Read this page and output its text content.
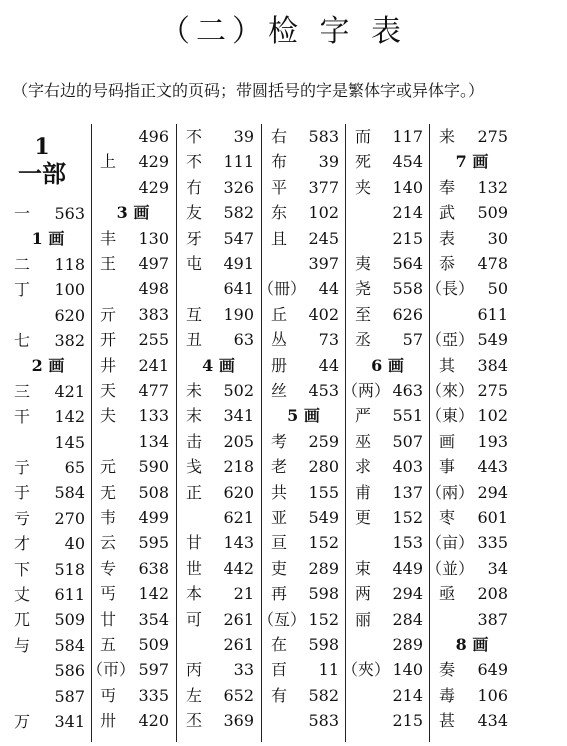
（二）检 字 表
（字右边的号码指正文的页码；带圆括号的字是繁体字或异体字。）
1
一部
一	563
1 画
二	118
丁	100
620
七	382
2 画
三	421
干	142
145
亍	65
于	584
亏	270
才	40
下	518
丈	611
兀	509
与	584
586
587
万	341
496
上	429
429
3 画
丰	130
王	497
498
亓	383
开	255
井	241
天	477
夫	133
134
元	590
无	508
韦	499
云	595
专	638
丐	142
廿	354
五	509
（帀） 597
丏	335
卅	420
不	39
不	111
冇	326
友	582
牙	547
屯	491
641
互	190
丑	63
4 画
未	502
末	341
击	205
戋	218
正	620
621
甘	143
世	442
本	21
可	261
261
丙	33
左	652
丕	369
右	583
布	39
平	377
东	102
且	245
397
（冊） 44
丘	402
丛	73
册	44
丝	453
5 画
考	259
老	280
共	155
亚	549
亘	152
吏	289
再	598
（亙） 152
在	598
百	11
有	582
583
而	117
死	454
夹	140
214
215
夷	564
尧	558
至	626
丞	57
6 画
（两） 463
严	551
巫	507
求	403
甫	137
更	152
153
束	449
两	294
丽	284
289
（夾） 140
214
215
来	275
7 画
奉	132
武	509
表	30
忝	478
（長） 50
611
（亞） 549
其	384
（來） 275
（東） 102
画	193
事	443
（兩） 294
枣	601
（亩） 335
（並） 34
亟	208
387
8 画
奏	649
毒	106
甚	434
